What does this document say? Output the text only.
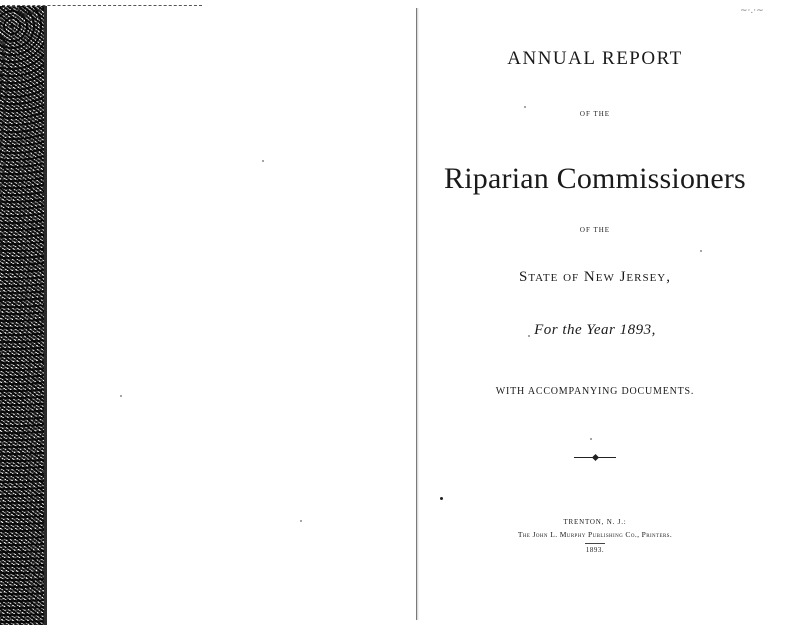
ANNUAL REPORT
OF THE
Riparian Commissioners
OF THE
State of New Jersey,
For the Year 1893,
WITH ACCOMPANYING DOCUMENTS.
TRENTON, N. J.:
The John L. Murphy Publishing Co., Printers.
1893.
~·.·~
